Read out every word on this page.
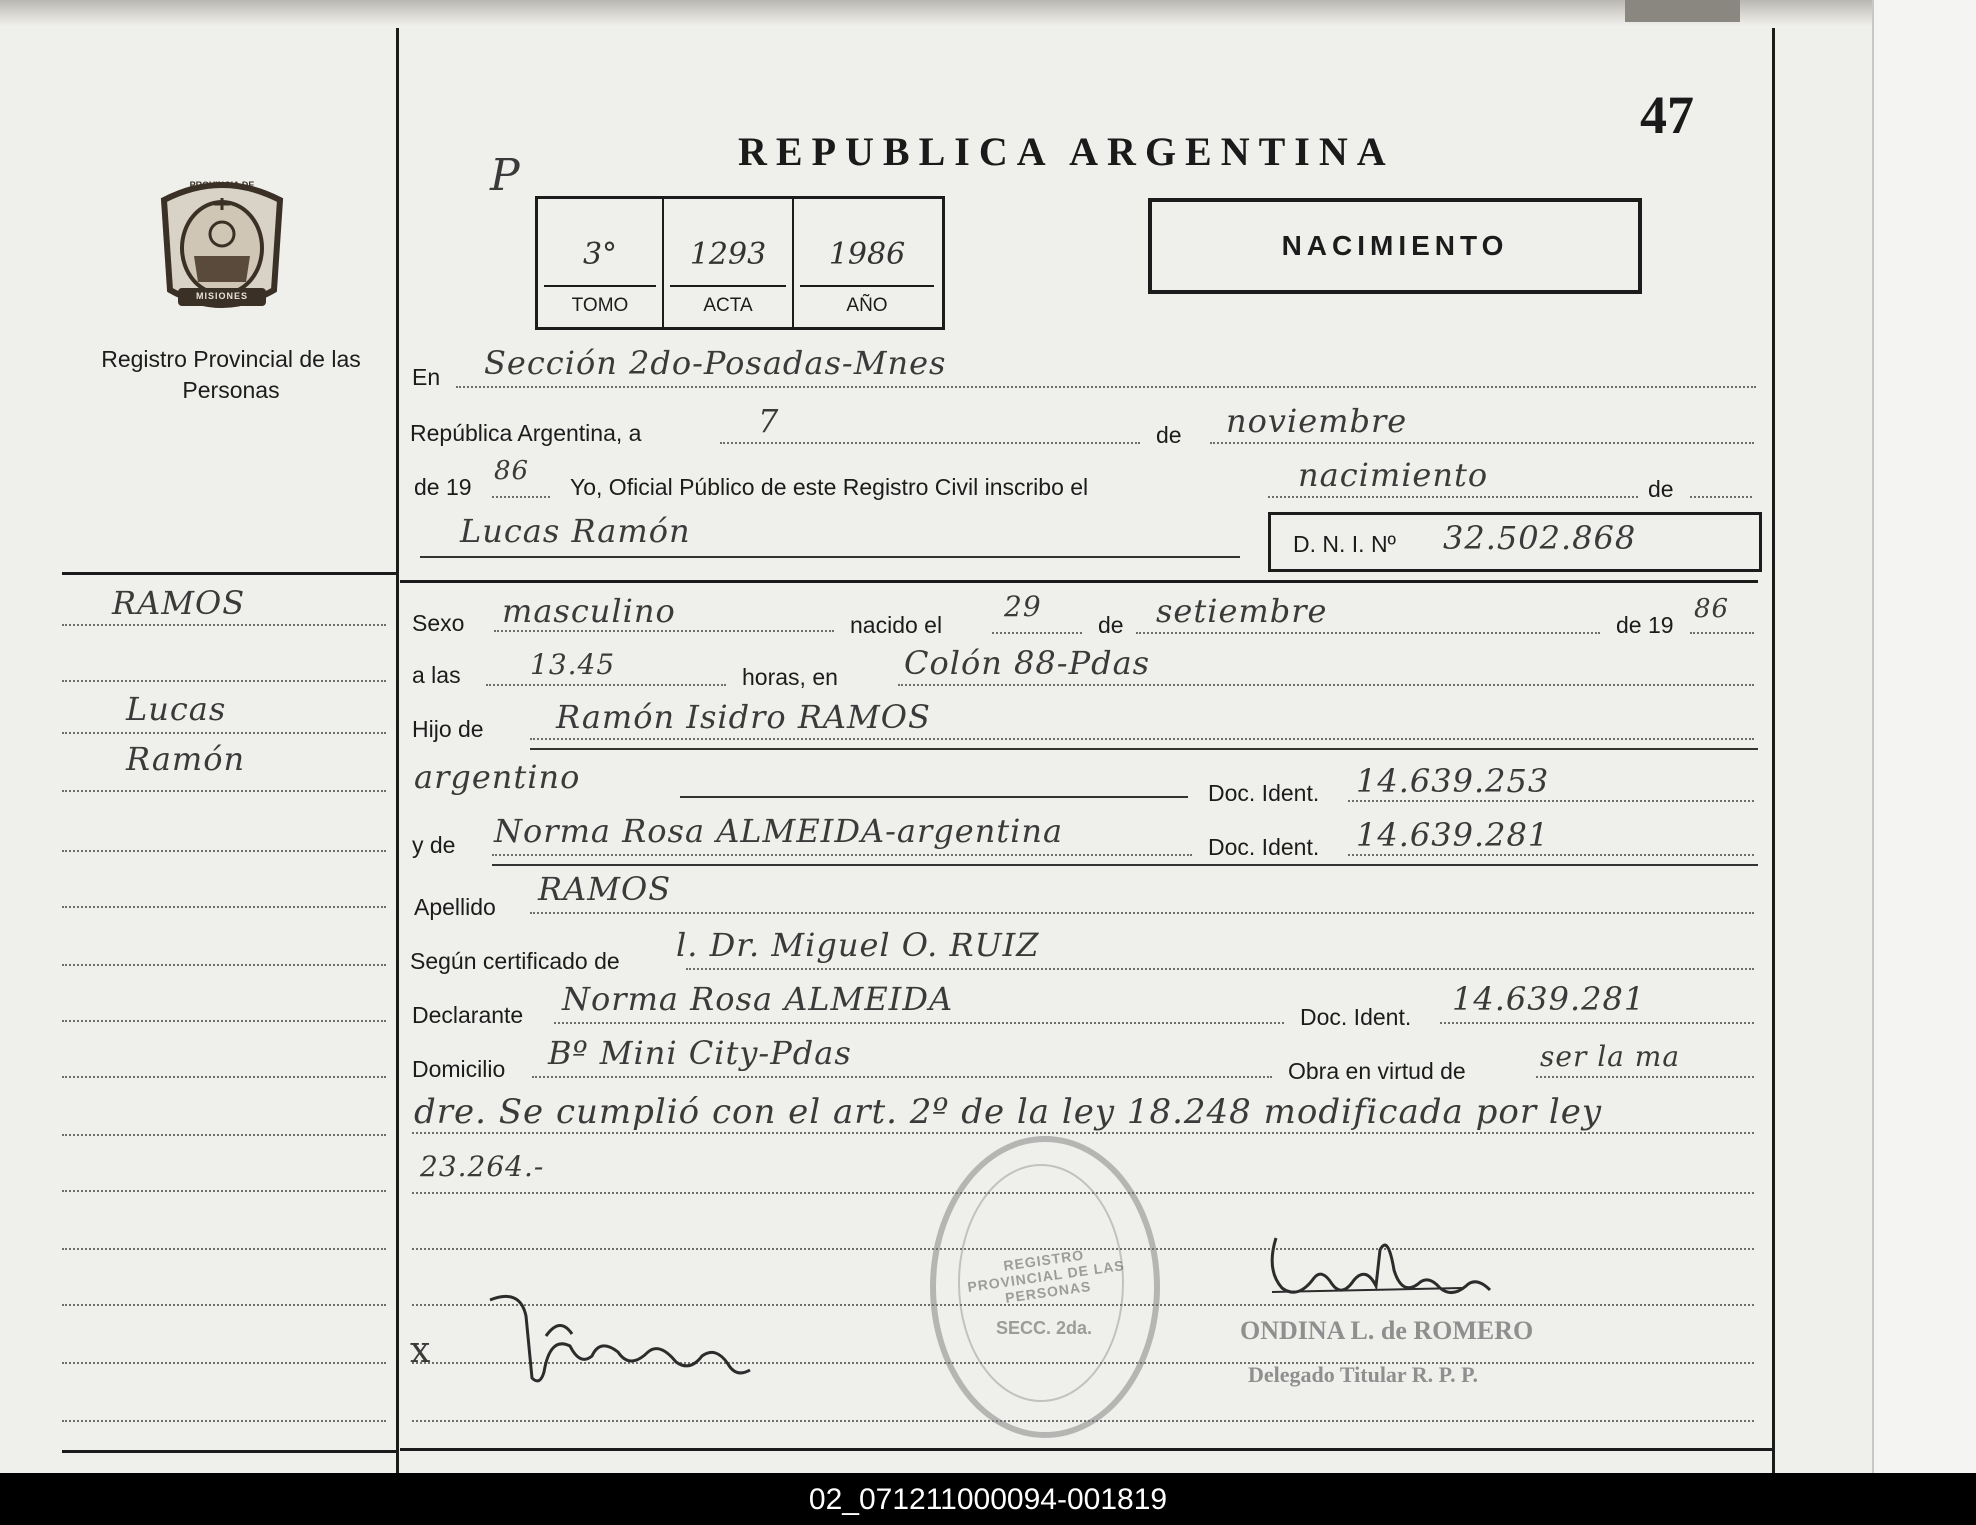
REPUBLICA ARGENTINA
47
P
MISIONES
PROVINCIA DE
Registro Provincial de las Personas
3°
TOMO
1293
ACTA
1986
AÑO
NACIMIENTO
RAMOS
Lucas
Ramón
En Sección 2do-Posadas-Mnes
República Argentina, a	7	de noviembre
de 19
86
Yo, Oficial Público de este Registro Civil inscribo el	nacimiento	de
Lucas Ramón	D. N. I. Nº 32.502.868
Sexo masculino	nacido el
29
de setiembre	de 19
86
a las 13.45	horas, en Colón 88-Pdas
Hijo de Ramón Isidro RAMOS
argentino	Doc. Ident. 14.639.253
y de Norma Rosa ALMEIDA-argentina	Doc. Ident. 14.639.281
Apellido RAMOS
Según certificado de l. Dr. Miguel O. RUIZ
Declarante Norma Rosa ALMEIDA	Doc. Ident. 14.639.281
Domicilio Bº Mini City-Pdas	Obra en virtud de	ser la ma
dre. Se cumplió con el art. 2º de la ley 18.248 modificada por ley
23.264.-
REGISTRO PROVINCIAL DE LAS PERSONAS
SECC. 2da.
x	ONDINA L. de ROMERO
Delegado Titular R. P. P.
02_071211000094-001819
